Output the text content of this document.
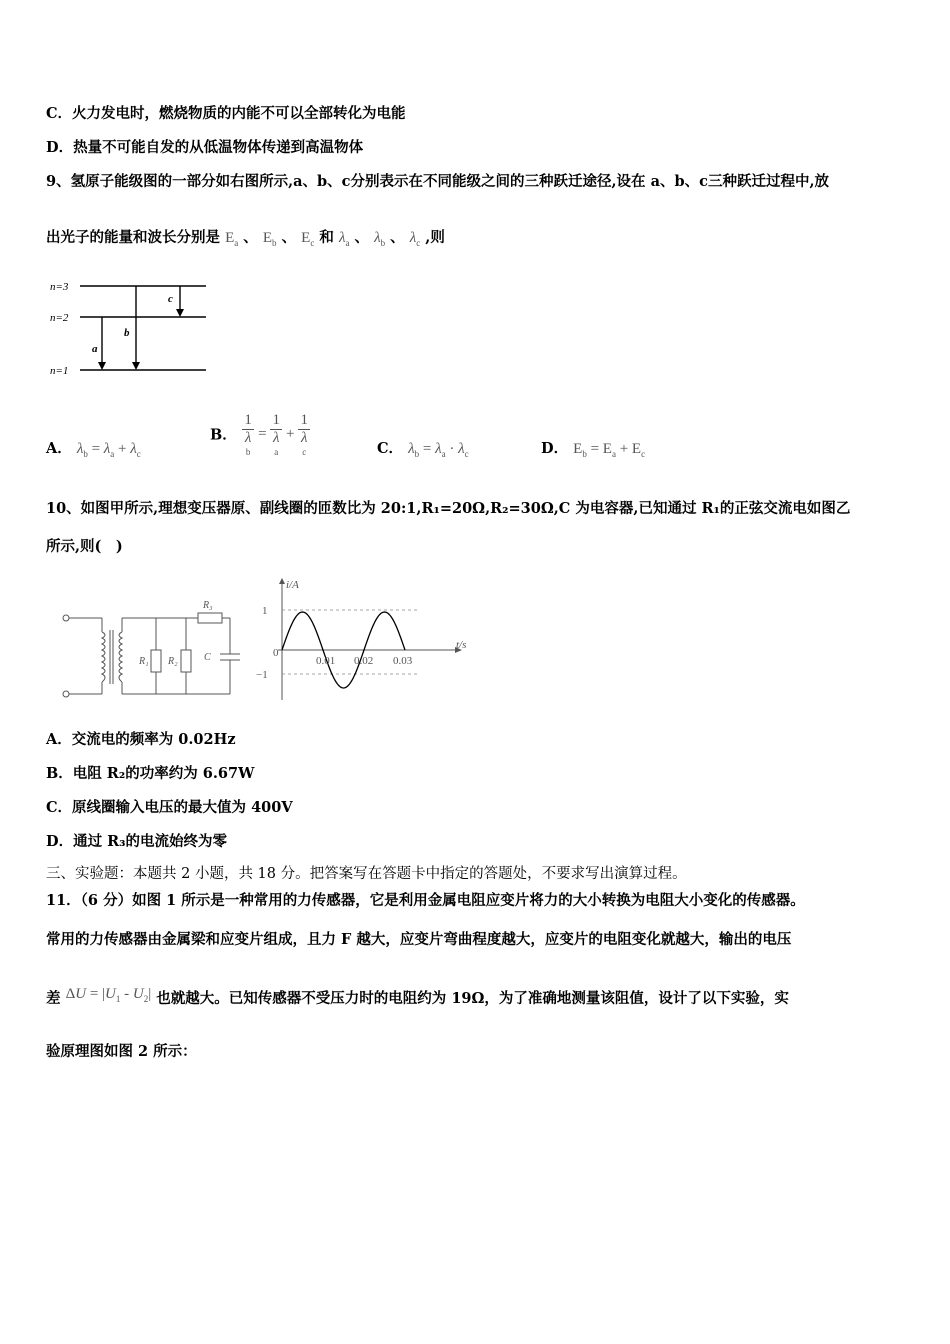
C．火力发电时，燃烧物质的内能不可以全部转化为电能
D．热量不可能自发的从低温物体传递到高温物体
9、氢原子能级图的一部分如右图所示,a、b、c分别表示在不同能级之间的三种跃迁途径,设在 a、b、c三种跃迁过程中,放
出光子的能量和波长分别是 $E_a$ 、 $E_b$ 、 $E_c$ 和 $\lambda_a$ 、 $\lambda_b$ 、 $\lambda_c$ ,则
n=3
n=2
n=1
a
b
c
A． $\lambda_b = \lambda_a + \lambda_c$
B． 1
λ
b = 1
λ
a + 1
λ
c	C． $\lambda_b = \lambda_a \cdot \lambda_c$	D． $E_b = E_a + E_c$
10、如图甲所示,理想变压器原、副线圈的匝数比为 20:1,R₁=20Ω,R₂=30Ω,C 为电容器,已知通过 R₁的正弦交流电如图乙
所示,则(　)
R₃
R₁ R₂	C
i/A
t/s
0
1
−1
0.01 0.02 0.03
A．交流电的频率为 0.02Hz
B．电阻 R₂的功率约为 6.67W
C．原线圈输入电压的最大值为 400V
D．通过 R₃的电流始终为零
三、实验题：本题共 2 小题，共 18 分。把答案写在答题卡中指定的答题处，不要求写出演算过程。
11．（6 分）如图 1 所示是一种常用的力传感器，它是利用金属电阻应变片将力的大小转换为电阻大小变化的传感器。
常用的力传感器由金属梁和应变片组成，且力 F 越大，应变片弯曲程度越大，应变片的电阻变化就越大，输出的电压
差 $\Delta U = |U_1 - U_2|$ 也就越大。已知传感器不受压力时的电阻约为 19Ω，为了准确地测量该阻值，设计了以下实验，实
验原理图如图 2 所示：
